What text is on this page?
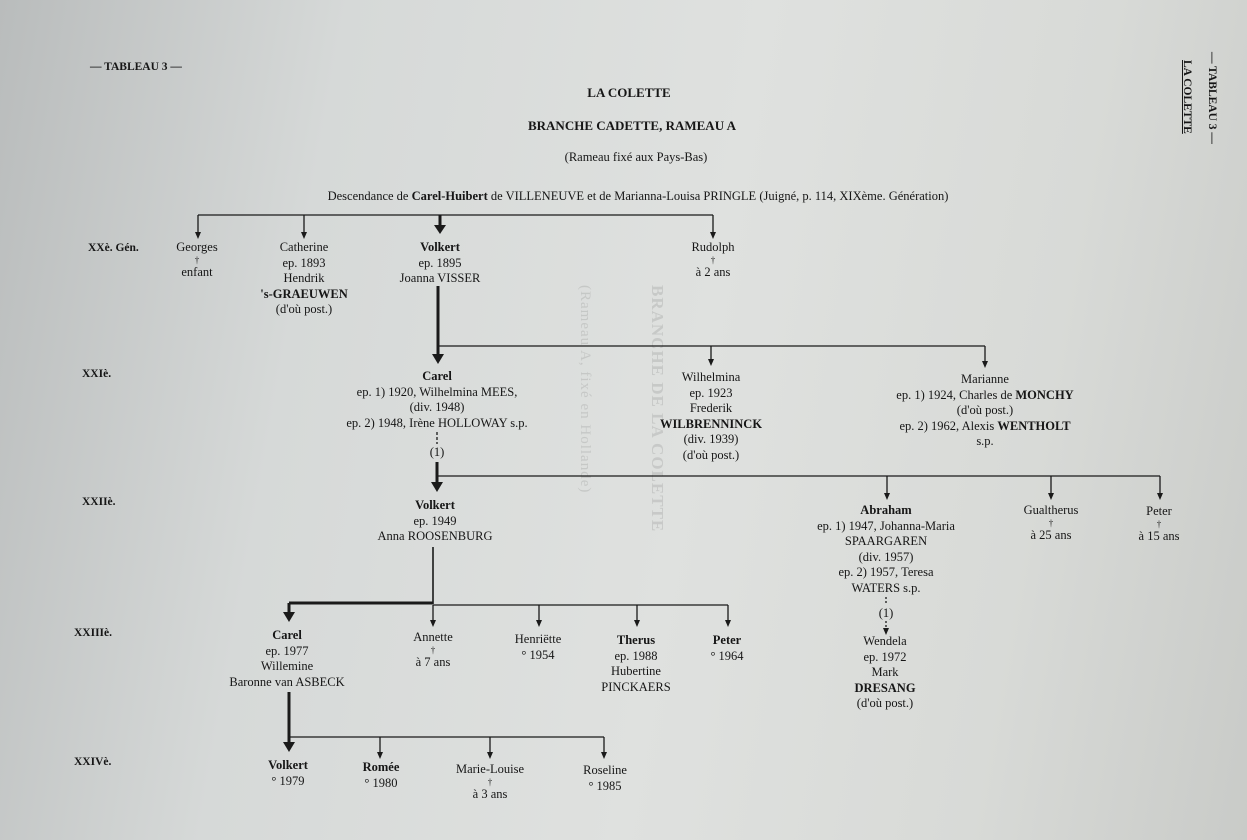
— TABLEAU 3 —	— TABLEAU 3 —
LA COLETTE
LA COLETTE
BRANCHE CADETTE, RAMEAU A
(Rameau fixé aux Pays-Bas)
BRANCHE DE LA COLETTE
(Rameau A, fixé en Hollande)
Descendance de Carel-Huibert de VILLENEUVE et de Marianna-Louisa PRINGLE (Juigné, p. 114, XIXème. Génération)
XXè. Gén.
XXIè.
XXIIè.
XXIIIè.
XXIVè.
Georges
†
enfant
Catherine
ep. 1893
Hendrik
's-GRAEUWEN
(d'où post.)
Volkert
ep. 1895
Joanna VISSER
Rudolph
†
à 2 ans
Carel
ep. 1) 1920, Wilhelmina MEES,
(div. 1948)
ep. 2) 1948, Irène HOLLOWAY s.p.
(1)
Wilhelmina
ep. 1923
Frederik
WILBRENNINCK
(div. 1939)
(d'où post.)
Marianne
ep. 1) 1924, Charles de MONCHY
(d'où post.)
ep. 2) 1962, Alexis WENTHOLT
s.p.
Volkert
ep. 1949
Anna ROOSENBURG
Abraham
ep. 1) 1947, Johanna-Maria
SPAARGAREN
(div. 1957)
ep. 2) 1957, Teresa
WATERS s.p.
(1)
Gualtherus
†
à 25 ans
Peter
†
à 15 ans
Carel
ep. 1977
Willemine
Baronne van ASBECK
Annette
†
à 7 ans
Henriëtte
° 1954
Therus
ep. 1988
Hubertine
PINCKAERS
Peter
° 1964
Wendela
ep. 1972
Mark
DRESANG
(d'où post.)
Volkert
° 1979
Romée
° 1980
Marie-Louise
†
à 3 ans
Roseline
° 1985
